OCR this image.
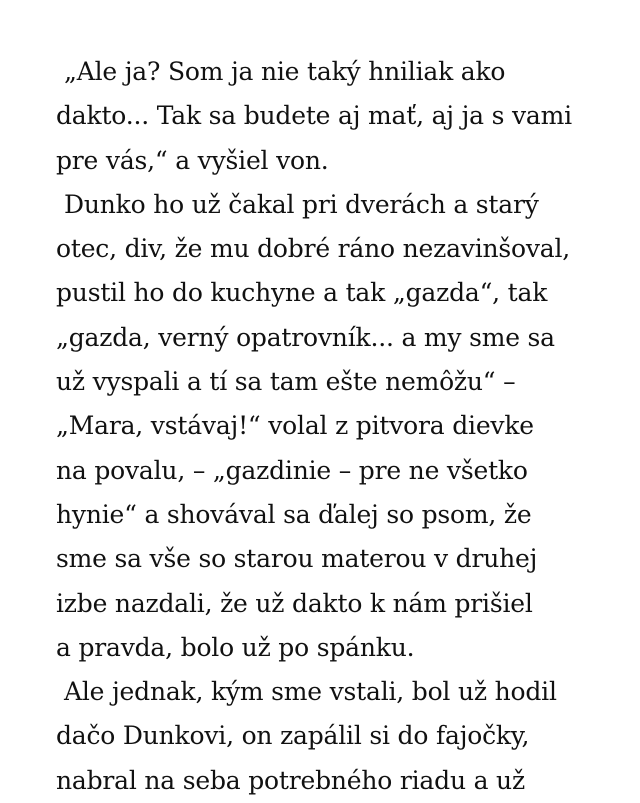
„Ale ja? Som ja nie taký hniliak ako
dakto... Tak sa budete aj mať, aj ja s vami
pre vás,“ a vyšiel von.
Dunko ho už čakal pri dverách a starý
otec, div, že mu dobré ráno nezavinšoval,
pustil ho do kuchyne a tak „gazda“, tak
„gazda, verný opatrovník... a my sme sa
už vyspali a tí sa tam ešte nemôžu“ –
„Mara, vstávaj!“ volal z pitvora dievke
na povalu, – „gazdinie – pre ne všetko
hynie“ a shovával sa ďalej so psom, že
sme sa vše so starou materou v druhej
izbe nazdali, že už dakto k nám prišiel
a pravda, bolo už po spánku.
Ale jednak, kým sme vstali, bol už hodil
dačo Dunkovi, on zapálil si do fajočky,
nabral na seba potrebného riadu a už
